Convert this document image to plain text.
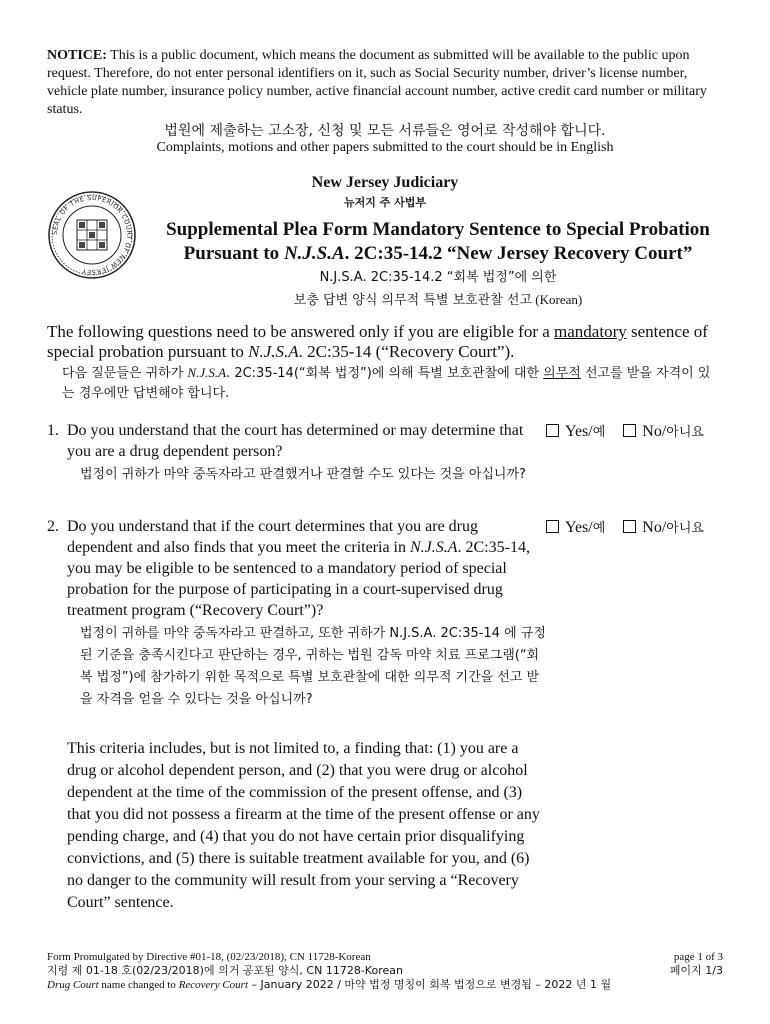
NOTICE: This is a public document, which means the document as submitted will be available to the public upon request. Therefore, do not enter personal identifiers on it, such as Social Security number, driver’s license number, vehicle plate number, insurance policy number, active financial account number, active credit card number or military status.
법원에 제출하는 고소장, 신청 및 모든 서류들은 영어로 작성해야 합니다.
Complaints, motions and other papers submitted to the court should be in English
SEAL OF THE SUPERIOR COURT OF NEW JERSEY
New Jersey Judiciary
뉴저지 주 사법부
Supplemental Plea Form Mandatory Sentence to Special Probation
Pursuant to N.J.S.A. 2C:35-14.2 “New Jersey Recovery Court”
N.J.S.A. 2C:35-14.2 “회복 법정”에 의한
보충 답변 양식 의무적 특별 보호관찰 선고 (Korean)
The following questions need to be answered only if you are eligible for a mandatory sentence of special probation pursuant to N.J.S.A. 2C:35-14 (“Recovery Court”).
다음 질문들은 귀하가 N.J.S.A. 2C:35-14(“회복 법정”)에 의해 특별 보호관찰에 대한 의무적 선고를 받을 자격이 있는 경우에만 답변해야 합니다.
1. Do you understand that the court has determined or may determine that you are a drug dependent person?
법정이 귀하가 마약 중독자라고 판결했거나 판결할 수도 있다는 것을 아십니까?
Yes/예 No/아니요
2. Do you understand that if the court determines that you are drug dependent and also finds that you meet the criteria in N.J.S.A. 2C:35-14, you may be eligible to be sentenced to a mandatory period of special probation for the purpose of participating in a court-supervised drug treatment program (“Recovery Court”)?
법정이 귀하를 마약 중독자라고 판결하고, 또한 귀하가 N.J.S.A. 2C:35-14 에 규정된 기준을 충족시킨다고 판단하는 경우, 귀하는 법원 감독 마약 치료 프로그램(“회복 법정”)에 참가하기 위한 목적으로 특별 보호관찰에 대한 의무적 기간을 선고 받을 자격을 얻을 수 있다는 것을 아십니까?
Yes/예 No/아니요
This criteria includes, but is not limited to, a finding that: (1) you are a drug or alcohol dependent person, and (2) that you were drug or alcohol dependent at the time of the commission of the present offense, and (3) that you did not possess a firearm at the time of the present offense or any pending charge, and (4) that you do not have certain prior disqualifying convictions, and (5) there is suitable treatment available for you, and (6) no danger to the community will result from your serving a “Recovery Court” sentence.
Form Promulgated by Directive #01-18, (02/23/2018), CN 11728-Korean	page 1 of 3
지령 제 01-18 호(02/23/2018)에 의거 공포된 양식, CN 11728-Korean	페이지 1/3
Drug Court name changed to Recovery Court – January 2022 / 마약 법정 명칭이 회복 법정으로 변경됨 – 2022 년 1 월
